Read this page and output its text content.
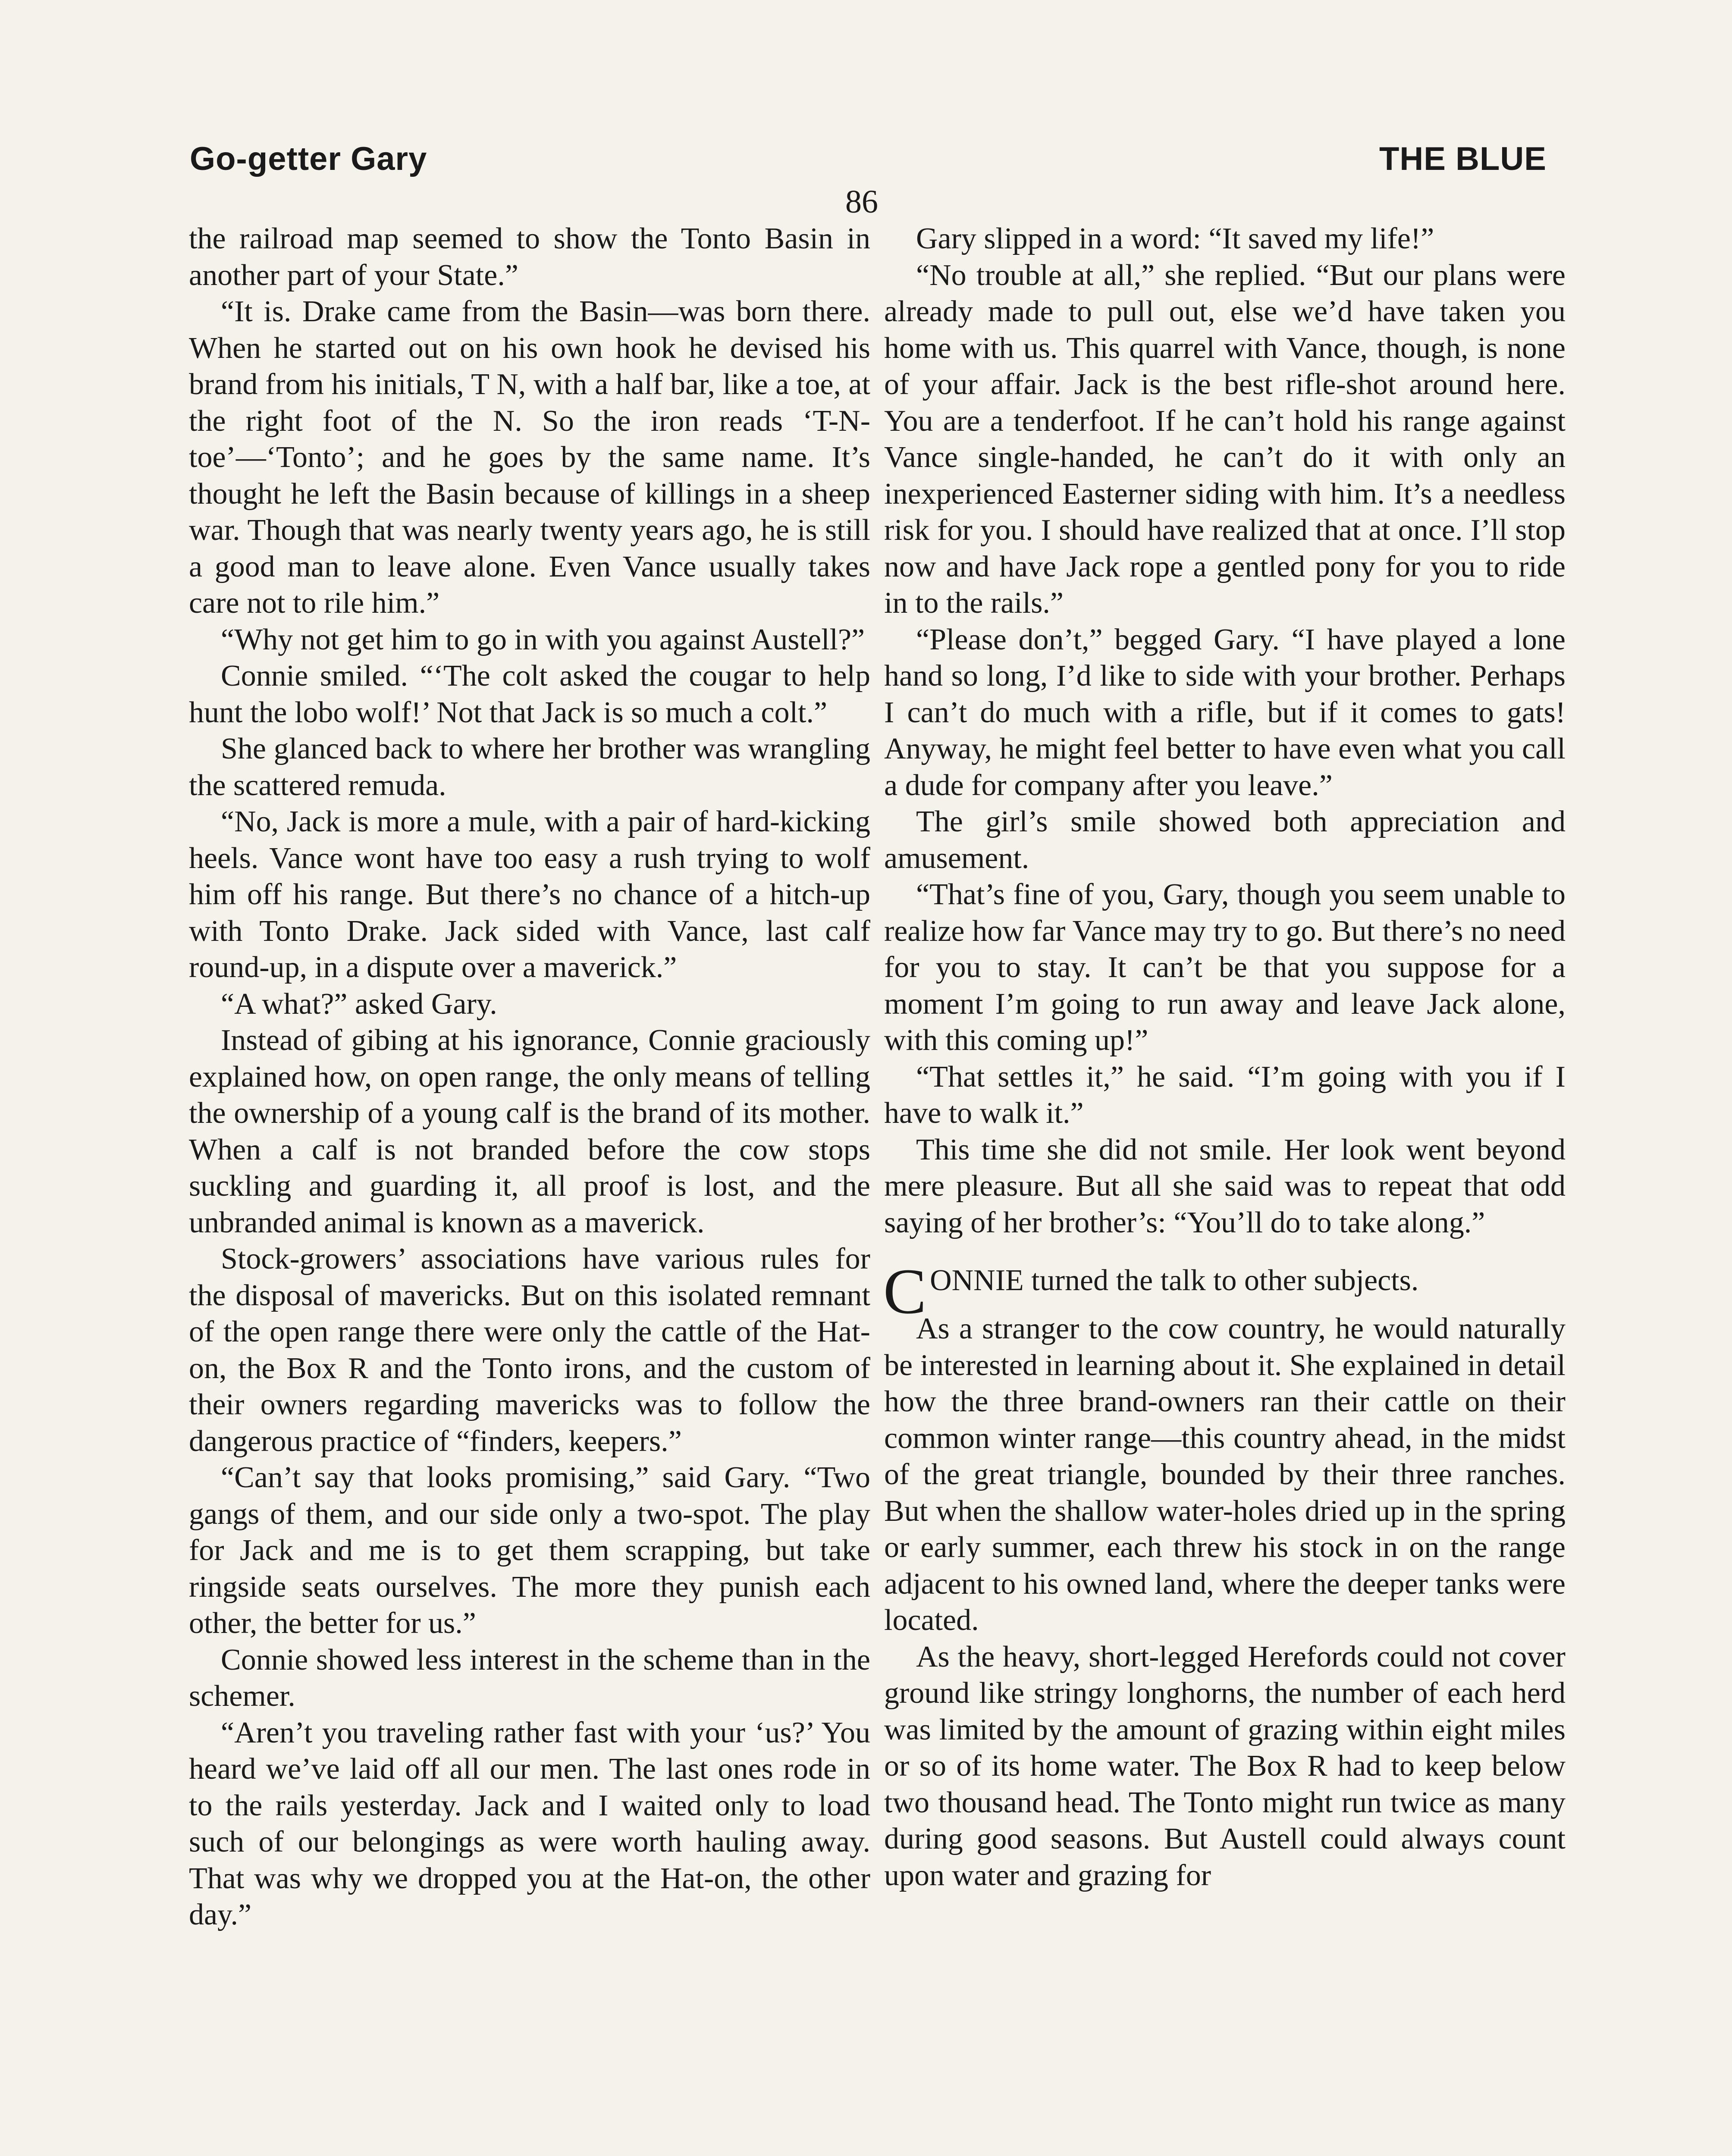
Go-getter Gary	THE BLUE
86

the railroad map seemed to show the Tonto Basin in another part of your State.”

“It is. Drake came from the Basin—was born there. When he started out on his own hook he devised his brand from his initials, T N, with a half bar, like a toe, at the right foot of the N. So the iron reads ‘T-N-toe’—‘Tonto’; and he goes by the same name. It’s thought he left the Basin because of killings in a sheep war. Though that was nearly twenty years ago, he is still a good man to leave alone. Even Vance usually takes care not to rile him.”

“Why not get him to go in with you against Austell?”

Connie smiled. “‘The colt asked the cougar to help hunt the lobo wolf!’ Not that Jack is so much a colt.”

She glanced back to where her brother was wrangling the scattered remuda.

“No, Jack is more a mule, with a pair of hard-kicking heels. Vance wont have too easy a rush trying to wolf him off his range. But there’s no chance of a hitch-up with Tonto Drake. Jack sided with Vance, last calf round-up, in a dispute over a maverick.”

“A what?” asked Gary.

Instead of gibing at his ignorance, Connie graciously explained how, on open range, the only means of telling the ownership of a young calf is the brand of its mother. When a calf is not branded before the cow stops suckling and guarding it, all proof is lost, and the unbranded animal is known as a maverick.

Stock-growers’ associations have various rules for the disposal of mavericks. But on this isolated remnant of the open range there were only the cattle of the Hat-on, the Box R and the Tonto irons, and the custom of their owners regarding mavericks was to follow the dangerous practice of “finders, keepers.”

“Can’t say that looks promising,” said Gary. “Two gangs of them, and our side only a two-spot. The play for Jack and me is to get them scrapping, but take ringside seats ourselves. The more they punish each other, the better for us.”

Connie showed less interest in the scheme than in the schemer.

“Aren’t you traveling rather fast with your ‘us?’ You heard we’ve laid off all our men. The last ones rode in to the rails yesterday. Jack and I waited only to load such of our belongings as were worth hauling away. That was why we dropped you at the Hat-on, the other day.”

Gary slipped in a word: “It saved my life!”

“No trouble at all,” she replied. “But our plans were already made to pull out, else we’d have taken you home with us. This quarrel with Vance, though, is none of your affair. Jack is the best rifle-shot around here. You are a tenderfoot. If he can’t hold his range against Vance single-handed, he can’t do it with only an inexperienced Easterner siding with him. It’s a needless risk for you. I should have realized that at once. I’ll stop now and have Jack rope a gentled pony for you to ride in to the rails.”

“Please don’t,” begged Gary. “I have played a lone hand so long, I’d like to side with your brother. Perhaps I can’t do much with a rifle, but if it comes to gats! Anyway, he might feel better to have even what you call a dude for company after you leave.”

The girl’s smile showed both appreciation and amusement.

“That’s fine of you, Gary, though you seem unable to realize how far Vance may try to go. But there’s no need for you to stay. It can’t be that you suppose for a moment I’m going to run away and leave Jack alone, with this coming up!”

“That settles it,” he said. “I’m going with you if I have to walk it.”

This time she did not smile. Her look went beyond mere pleasure. But all she said was to repeat that odd saying of her brother’s: “You’ll do to take along.”

CONNIE turned the talk to other subjects.

As a stranger to the cow country, he would naturally be interested in learning about it. She explained in detail how the three brand-owners ran their cattle on their common winter range—this country ahead, in the midst of the great triangle, bounded by their three ranches. But when the shallow water-holes dried up in the spring or early summer, each threw his stock in on the range adjacent to his owned land, where the deeper tanks were located.

As the heavy, short-legged Herefords could not cover ground like stringy longhorns, the number of each herd was limited by the amount of grazing within eight miles or so of its home water. The Box R had to keep below two thousand head. The Tonto might run twice as many during good seasons. But Austell could always count upon water and grazing for
